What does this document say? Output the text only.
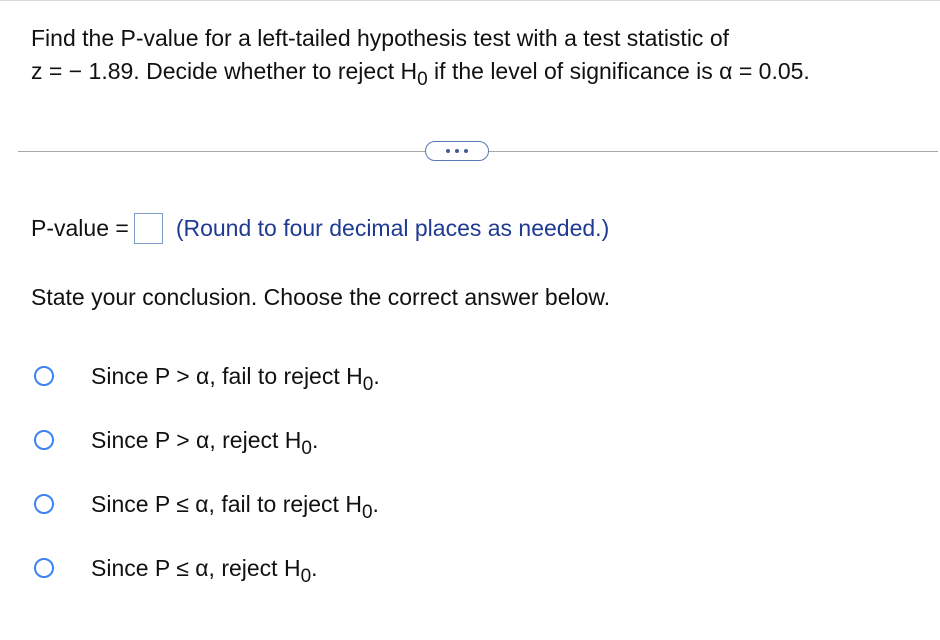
Find the P-value for a left-tailed hypothesis test with a test statistic of
z = − 1.89. Decide whether to reject $H_0$ if the level of significance is α = 0.05.
P-value = (Round to four decimal places as needed.)
State your conclusion. Choose the correct answer below.
Since P > α, fail to reject $H_0$.
Since P > α, reject $H_0$.
Since P ≤ α, fail to reject $H_0$.
Since P ≤ α, reject $H_0$.
